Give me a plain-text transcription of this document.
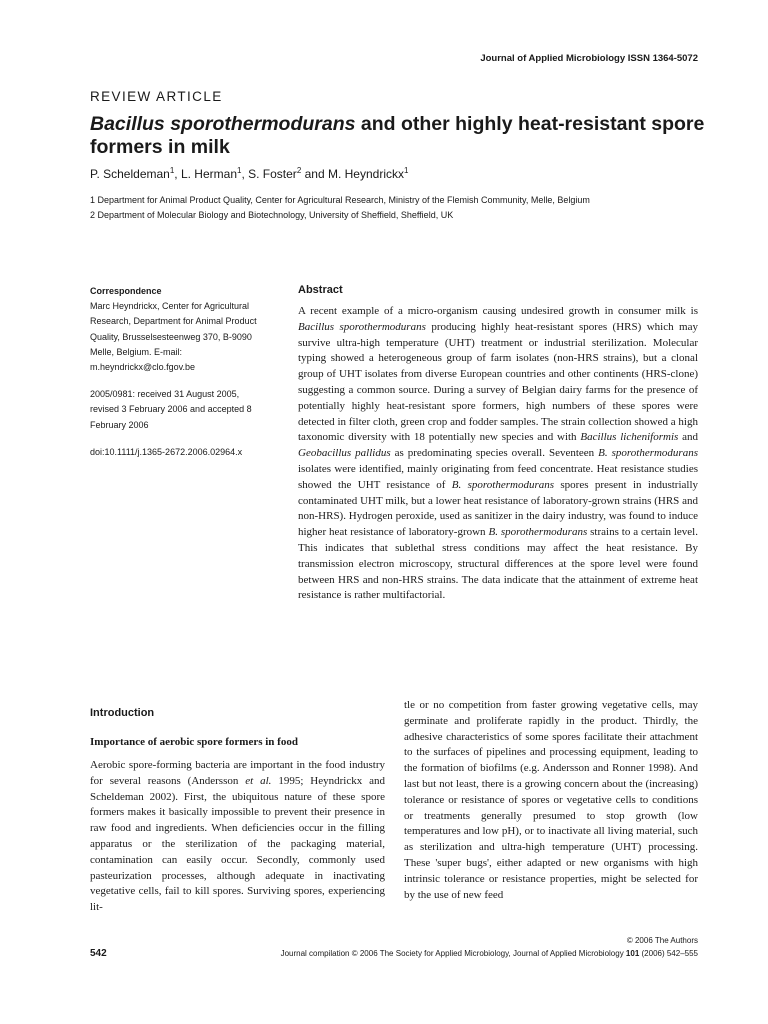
Journal of Applied Microbiology ISSN 1364-5072
REVIEW ARTICLE
Bacillus sporothermodurans and other highly heat-resistant spore formers in milk
P. Scheldeman$^1$, L. Herman$^1$, S. Foster$^2$ and M. Heyndrickx$^1$
1 Department for Animal Product Quality, Center for Agricultural Research, Ministry of the Flemish Community, Melle, Belgium
2 Department of Molecular Biology and Biotechnology, University of Sheffield, Sheffield, UK

Correspondence

Marc Heyndrickx, Center for Agricultural Research, Department for Animal Product Quality, Brusselsesteenweg 370, B-9090 Melle, Belgium. E-mail: m.heyndrickx@clo.fgov.be

2005/0981: received 31 August 2005, revised 3 February 2006 and accepted 8 February 2006

doi:10.1111/j.1365-2672.2006.02964.x

Abstract

A recent example of a micro-organism causing undesired growth in consumer milk is Bacillus sporothermodurans producing highly heat-resistant spores (HRS) which may survive ultra-high temperature (UHT) treatment or industrial sterilization. Molecular typing showed a heterogeneous group of farm isolates (non-HRS strains), but a clonal group of UHT isolates from diverse European countries and other continents (HRS-clone) suggesting a common source. During a survey of Belgian dairy farms for the presence of potentially highly heat-resistant spore formers, high numbers of these spores were detected in filter cloth, green crop and fodder samples. The strain collection showed a high taxonomic diversity with 18 potentially new species and with Bacillus licheniformis and Geobacillus pallidus as predominating species overall. Seventeen B. sporothermodurans isolates were identified, mainly originating from feed concentrate. Heat resistance studies showed the UHT resistance of B. sporothermodurans spores present in industrially contaminated UHT milk, but a lower heat resistance of laboratory-grown strains (HRS and non-HRS). Hydrogen peroxide, used as sanitizer in the dairy industry, was found to induce higher heat resistance of laboratory-grown B. sporothermodurans strains to a certain level. This indicates that sublethal stress conditions may affect the heat resistance. By transmission electron microscopy, structural differences at the spore level were found between HRS and non-HRS strains. The data indicate that the attainment of extreme heat resistance is rather multifactorial.

Introduction
Importance of aerobic spore formers in food

Aerobic spore-forming bacteria are important in the food industry for several reasons (Andersson et al. 1995; Heyndrickx and Scheldeman 2002). First, the ubiquitous nature of these spore formers makes it basically impossible to prevent their presence in raw food and ingredients. When deficiencies occur in the filling apparatus or the sterilization of the packaging material, contamination can easily occur. Secondly, commonly used pasteurization processes, although adequate in inactivating vegetative cells, fail to kill spores. Surviving spores, experiencing lit-

tle or no competition from faster growing vegetative cells, may germinate and proliferate rapidly in the product. Thirdly, the adhesive characteristics of some spores facilitate their attachment to the surfaces of pipelines and processing equipment, leading to the formation of biofilms (e.g. Andersson and Ronner 1998). And last but not least, there is a growing concern about the (increasing) tolerance or resistance of spores or vegetative cells to conditions or treatments generally presumed to stop growth (low temperatures and low pH), or to inactivate all living material, such as sterilization and ultra-high temperature (UHT) processing. These 'super bugs', either adapted or new organisms with high intrinsic tolerance or resistance properties, might be selected for by the use of new feed

542
© 2006 The Authors
Journal compilation © 2006 The Society for Applied Microbiology, Journal of Applied Microbiology 101 (2006) 542–555
